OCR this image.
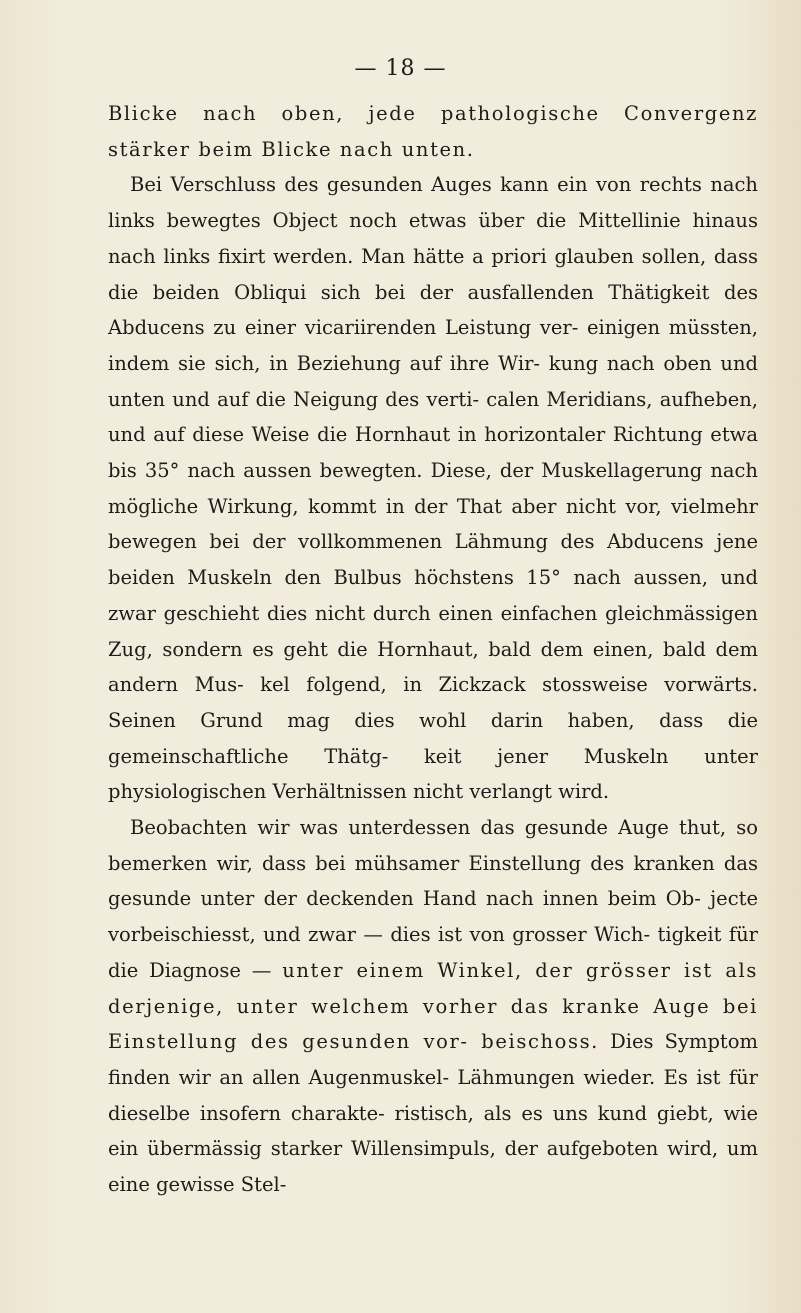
— 18 —

Blicke nach oben, jede pathologische Convergenz stärker beim Blicke nach unten.

Bei Verschluss des gesunden Auges kann ein von rechts nach links bewegtes Object noch etwas über die Mittellinie hinaus nach links fixirt werden. Man hätte a priori glauben sollen, dass die beiden Obliqui sich bei der ausfallenden Thätigkeit des Abducens zu einer vicariirenden Leistung ver- einigen müssten, indem sie sich, in Beziehung auf ihre Wir- kung nach oben und unten und auf die Neigung des verti- calen Meridians, aufheben, und auf diese Weise die Hornhaut in horizontaler Richtung etwa bis 35° nach aussen bewegten. Diese, der Muskellagerung nach mögliche Wirkung, kommt in der That aber nicht vor, vielmehr bewegen bei der vollkommenen Lähmung des Abducens jene beiden Muskeln den Bulbus höchstens 15° nach aussen, und zwar geschieht dies nicht durch einen einfachen gleichmässigen Zug, sondern es geht die Hornhaut, bald dem einen, bald dem andern Mus- kel folgend, in Zickzack stossweise vorwärts. Seinen Grund mag dies wohl darin haben, dass die gemeinschaftliche Thätg- keit jener Muskeln unter physiologischen Verhältnissen nicht verlangt wird.

Beobachten wir was unterdessen das gesunde Auge thut, so bemerken wir, dass bei mühsamer Einstellung des kranken das gesunde unter der deckenden Hand nach innen beim Ob- jecte vorbeischiesst, und zwar — dies ist von grosser Wich- tigkeit für die Diagnose — unter einem Winkel, der grösser ist als derjenige, unter welchem vorher das kranke Auge bei Einstellung des gesunden vor- beischoss. Dies Symptom finden wir an allen Augenmuskel- Lähmungen wieder. Es ist für dieselbe insofern charakte- ristisch, als es uns kund giebt, wie ein übermässig starker Willensimpuls, der aufgeboten wird, um eine gewisse Stel-
